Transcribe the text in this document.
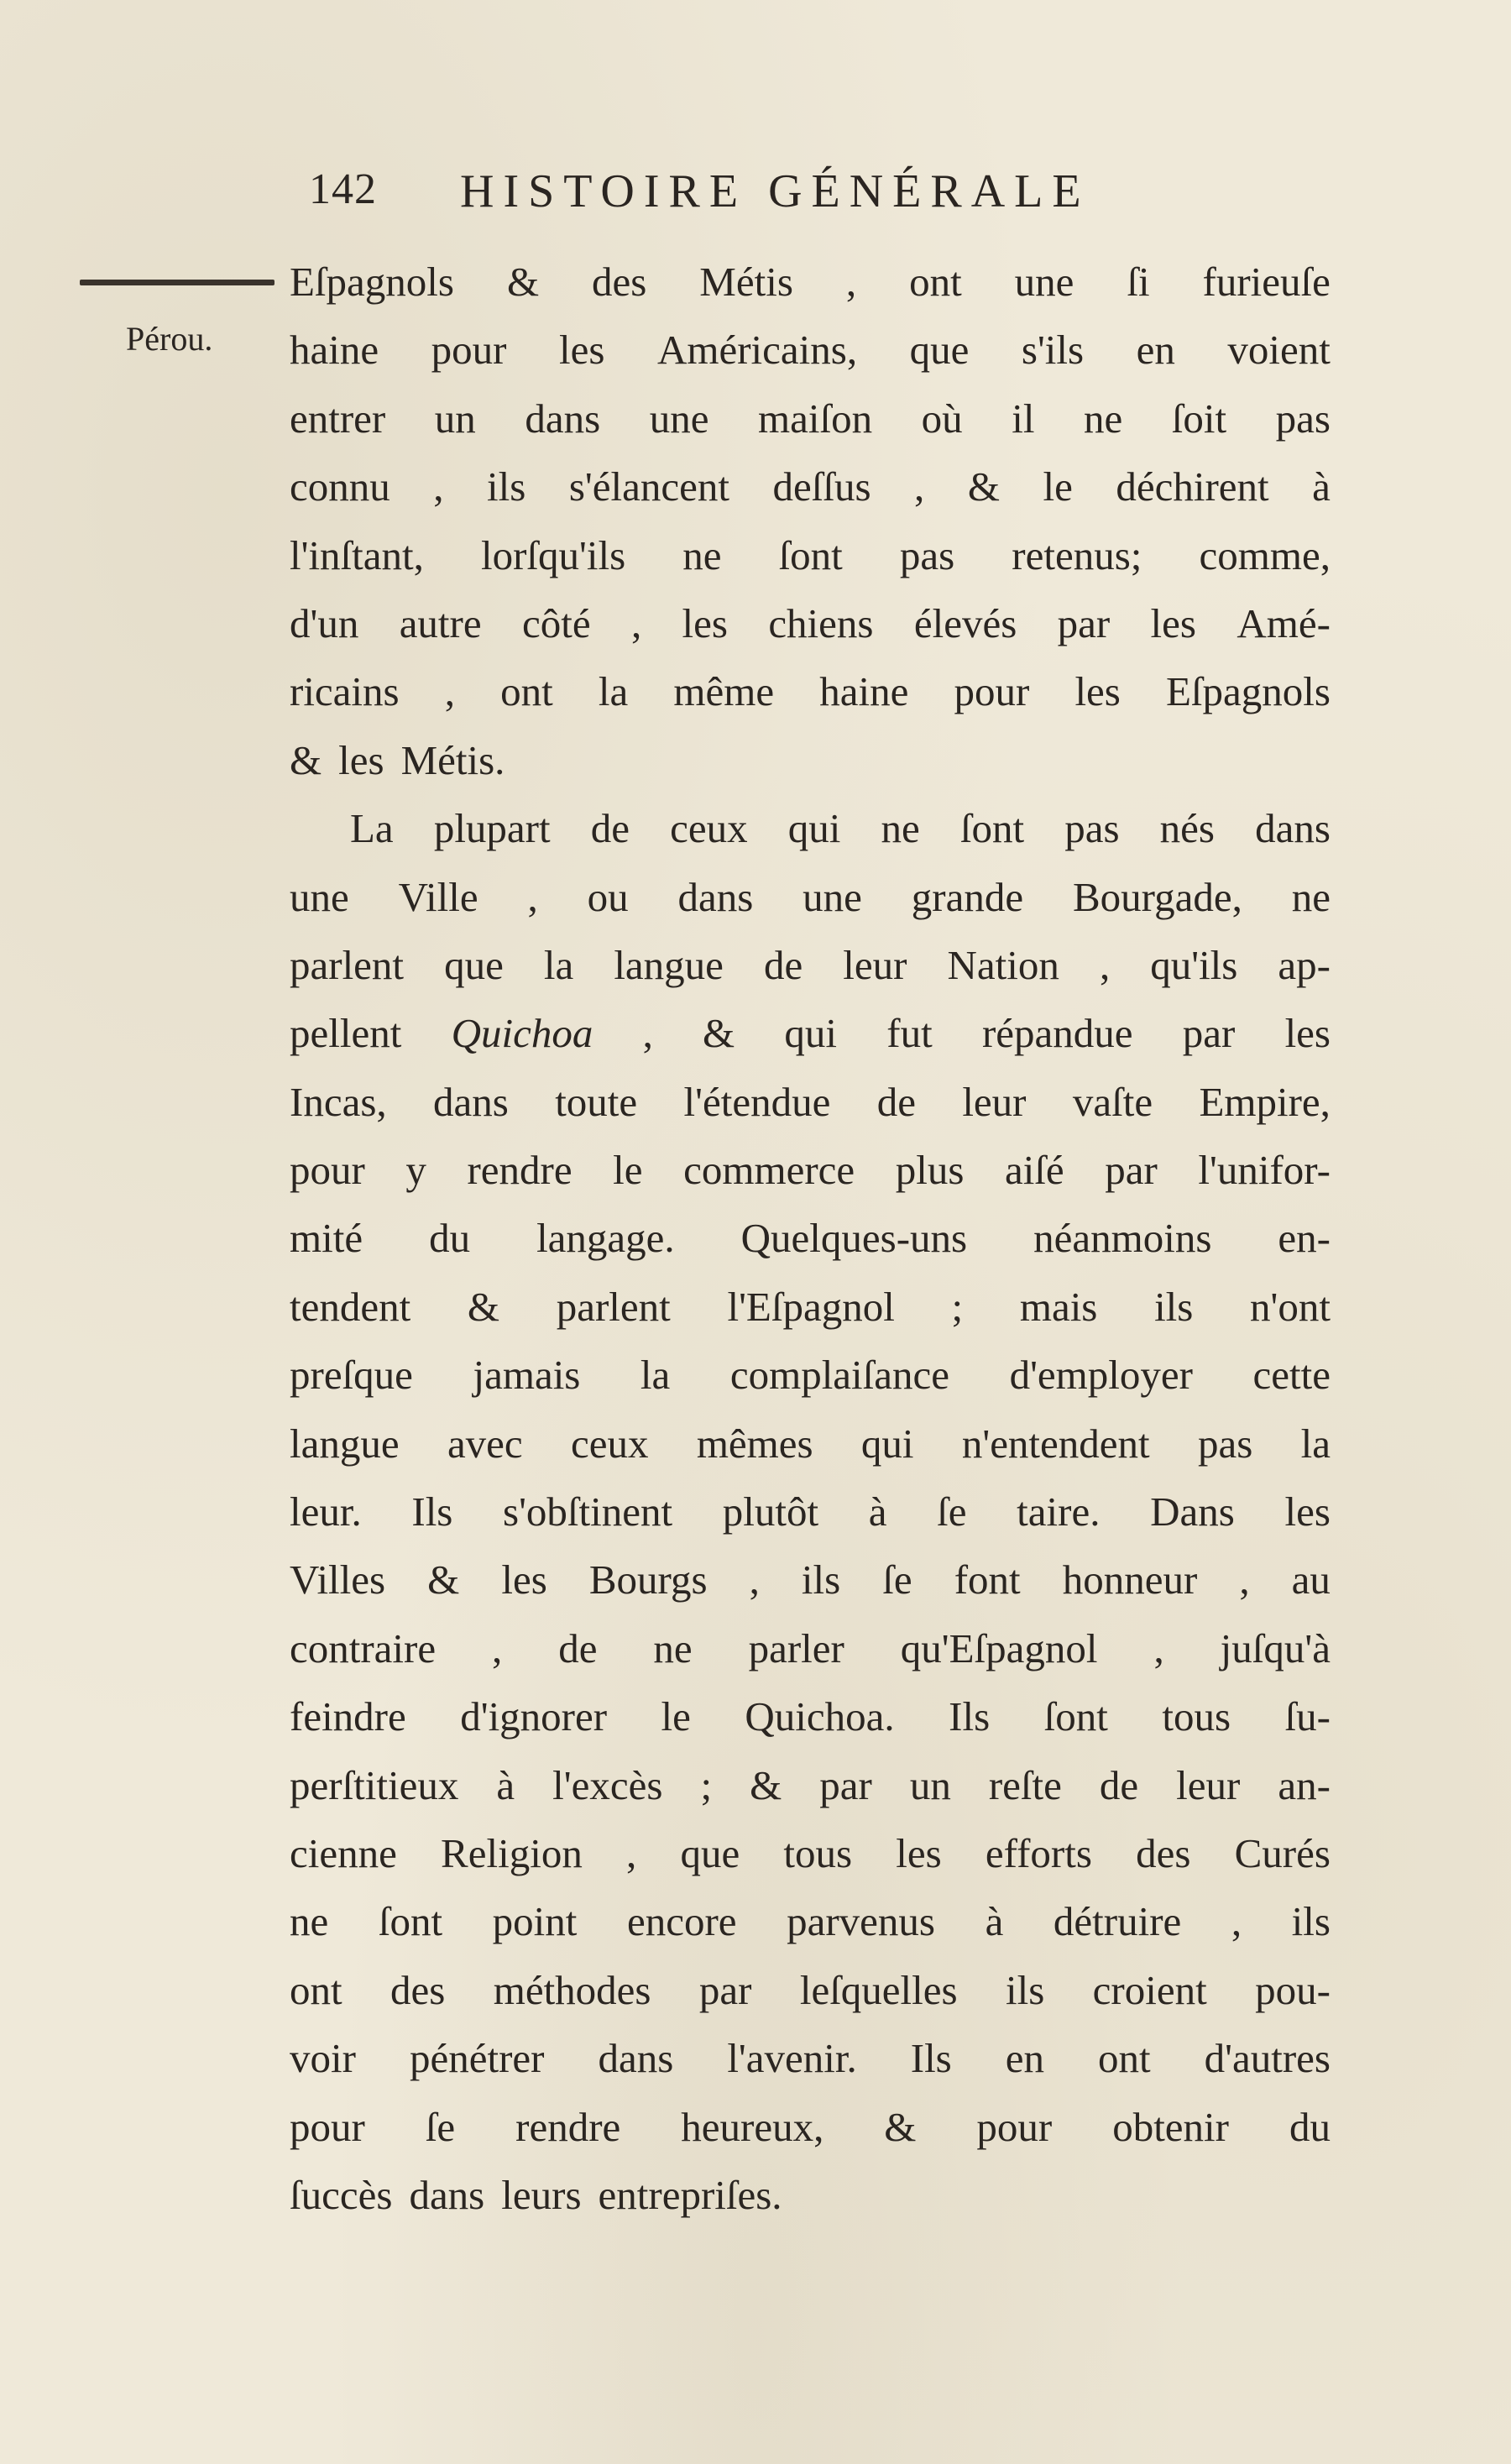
142 HISTOIRE GÉNÉRALE
Pérou.
Eſpagnols & des Métis , ont une ſi furieuſe
haine pour les Américains, que s'ils en voient
entrer un dans une maiſon où il ne ſoit pas
connu , ils s'élancent deſſus , & le déchirent à
l'inſtant, lorſqu'ils ne ſont pas retenus; comme,
d'un autre côté , les chiens élevés par les Amé-
ricains , ont la même haine pour les Eſpagnols
& les Métis.
La plupart de ceux qui ne ſont pas nés dans
une Ville , ou dans une grande Bourgade, ne
parlent que la langue de leur Nation , qu'ils ap-
pellent Quichoa , & qui fut répandue par les
Incas, dans toute l'étendue de leur vaſte Empire,
pour y rendre le commerce plus aiſé par l'unifor-
mité du langage. Quelques-uns néanmoins en-
tendent & parlent l'Eſpagnol ; mais ils n'ont
preſque jamais la complaiſance d'employer cette
langue avec ceux mêmes qui n'entendent pas la
leur. Ils s'obſtinent plutôt à ſe taire. Dans les
Villes & les Bourgs , ils ſe font honneur , au
contraire , de ne parler qu'Eſpagnol , juſqu'à
feindre d'ignorer le Quichoa. Ils ſont tous ſu-
perſtitieux à l'excès ; & par un reſte de leur an-
cienne Religion , que tous les efforts des Curés
ne ſont point encore parvenus à détruire , ils
ont des méthodes par leſquelles ils croient pou-
voir pénétrer dans l'avenir. Ils en ont d'autres
pour ſe rendre heureux, & pour obtenir du
ſuccès dans leurs entrepriſes.
